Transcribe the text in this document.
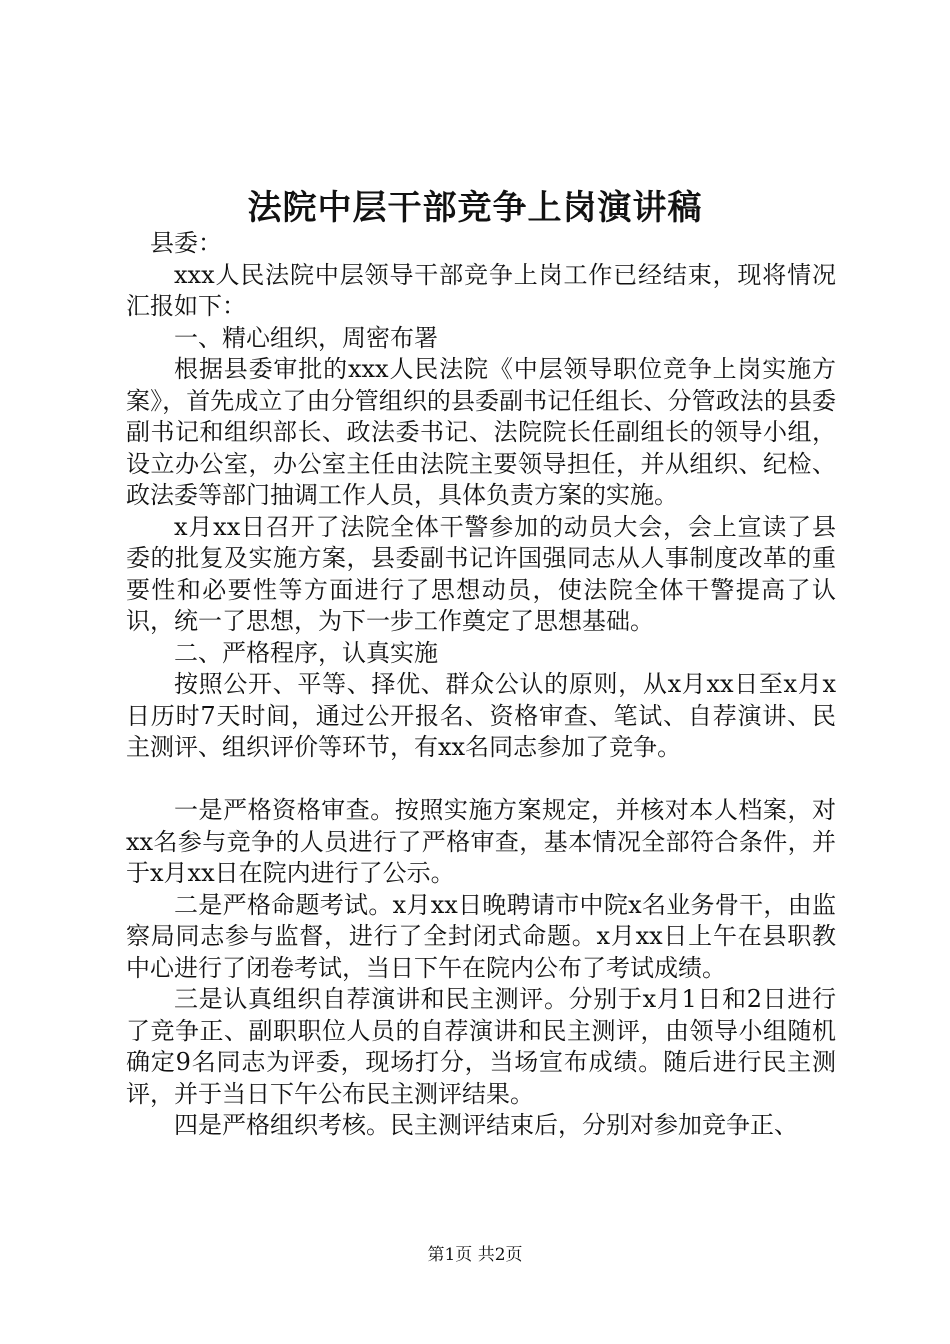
法院中层干部竞争上岗演讲稿

县委：

xxx人民法院中层领导干部竞争上岗工作已经结束，现将情况汇报如下：

一、精心组织，周密布署

根据县委审批的xxx人民法院《中层领导职位竞争上岗实施方案》，首先成立了由分管组织的县委副书记任组长、分管政法的县委副书记和组织部长、政法委书记、法院院长任副组长的领导小组，设立办公室，办公室主任由法院主要领导担任，并从组织、纪检、政法委等部门抽调工作人员，具体负责方案的实施。

x月xx日召开了法院全体干警参加的动员大会，会上宣读了县委的批复及实施方案，县委副书记许国强同志从人事制度改革的重要性和必要性等方面进行了思想动员，使法院全体干警提高了认识，统一了思想，为下一步工作奠定了思想基础。

二、严格程序，认真实施

按照公开、平等、择优、群众公认的原则，从x月xx日至x月x日历时7天时间，通过公开报名、资格审查、笔试、自荐演讲、民主测评、组织评价等环节，有xx名同志参加了竞争。

一是严格资格审查。按照实施方案规定，并核对本人档案，对xx名参与竞争的人员进行了严格审查，基本情况全部符合条件，并于x月xx日在院内进行了公示。

二是严格命题考试。x月xx日晚聘请市中院x名业务骨干，由监察局同志参与监督，进行了全封闭式命题。x月xx日上午在县职教中心进行了闭卷考试，当日下午在院内公布了考试成绩。

三是认真组织自荐演讲和民主测评。分别于x月1日和2日进行了竞争正、副职职位人员的自荐演讲和民主测评，由领导小组随机确定9名同志为评委，现场打分，当场宣布成绩。随后进行民主测评，并于当日下午公布民主测评结果。

四是严格组织考核。民主测评结束后，分别对参加竞争正、

第1页 共2页
